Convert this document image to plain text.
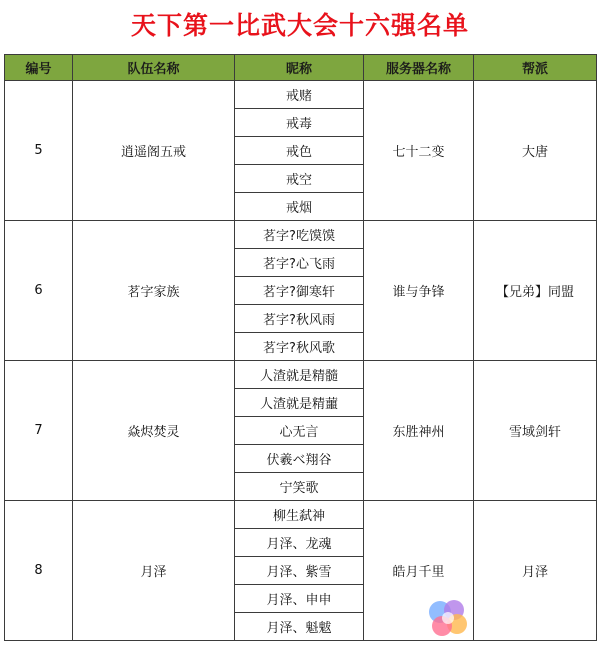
天下第一比武大会十六强名单
编号	队伍名称	昵称	服务器名称	帮派
5	逍遥阁五戒	戒赌	七十二变	大唐
		戒毒		
		戒色		
		戒空		
		戒烟		
6	茗字家族	茗字?吃馍馍	谁与争锋	【兄弟】同盟
		茗字?心飞雨		
		茗字?御寒轩		
		茗字?秋风雨		
		茗字?秋风歌		
7	焱烬焚灵	人渣就是精髓	东胜神州	雪域剑轩
		人渣就是精蘁		
		心无言		
		伏羲ベ翔谷		
		宁笑歌		
8	月泽	柳生弑神	皓月千里	月泽
		月泽、龙魂		
		月泽、紫雪		
		月泽、申申		
		月泽、魁魃		
